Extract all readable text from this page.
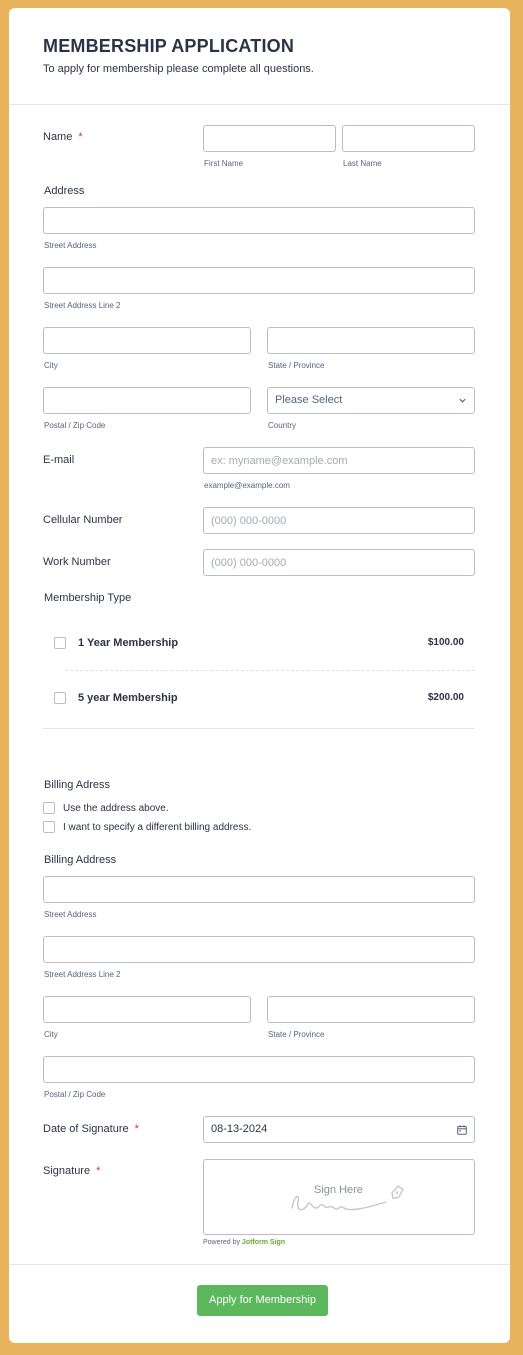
MEMBERSHIP APPLICATION
To apply for membership please complete all questions.
Name *
First Name	Last Name
Address
Street Address
Street Address Line 2
City	State / Province
Please Select
Postal / Zip Code	Country
E-mail
ex: myname@example.com
example@example.com
Cellular Number
(000) 000-0000
Work Number
(000) 000-0000
Membership Type
1 Year Membership	$100.00
5 year Membership	$200.00
Billing Adress
Use the address above.
I want to specify a different billing address.
Billing Address
Street Address
Street Address Line 2
City	State / Province
Postal / Zip Code
Date of Signature *	08-13-2024
Signature *
Sign Here
Powered by Jotform Sign
Apply for Membership
